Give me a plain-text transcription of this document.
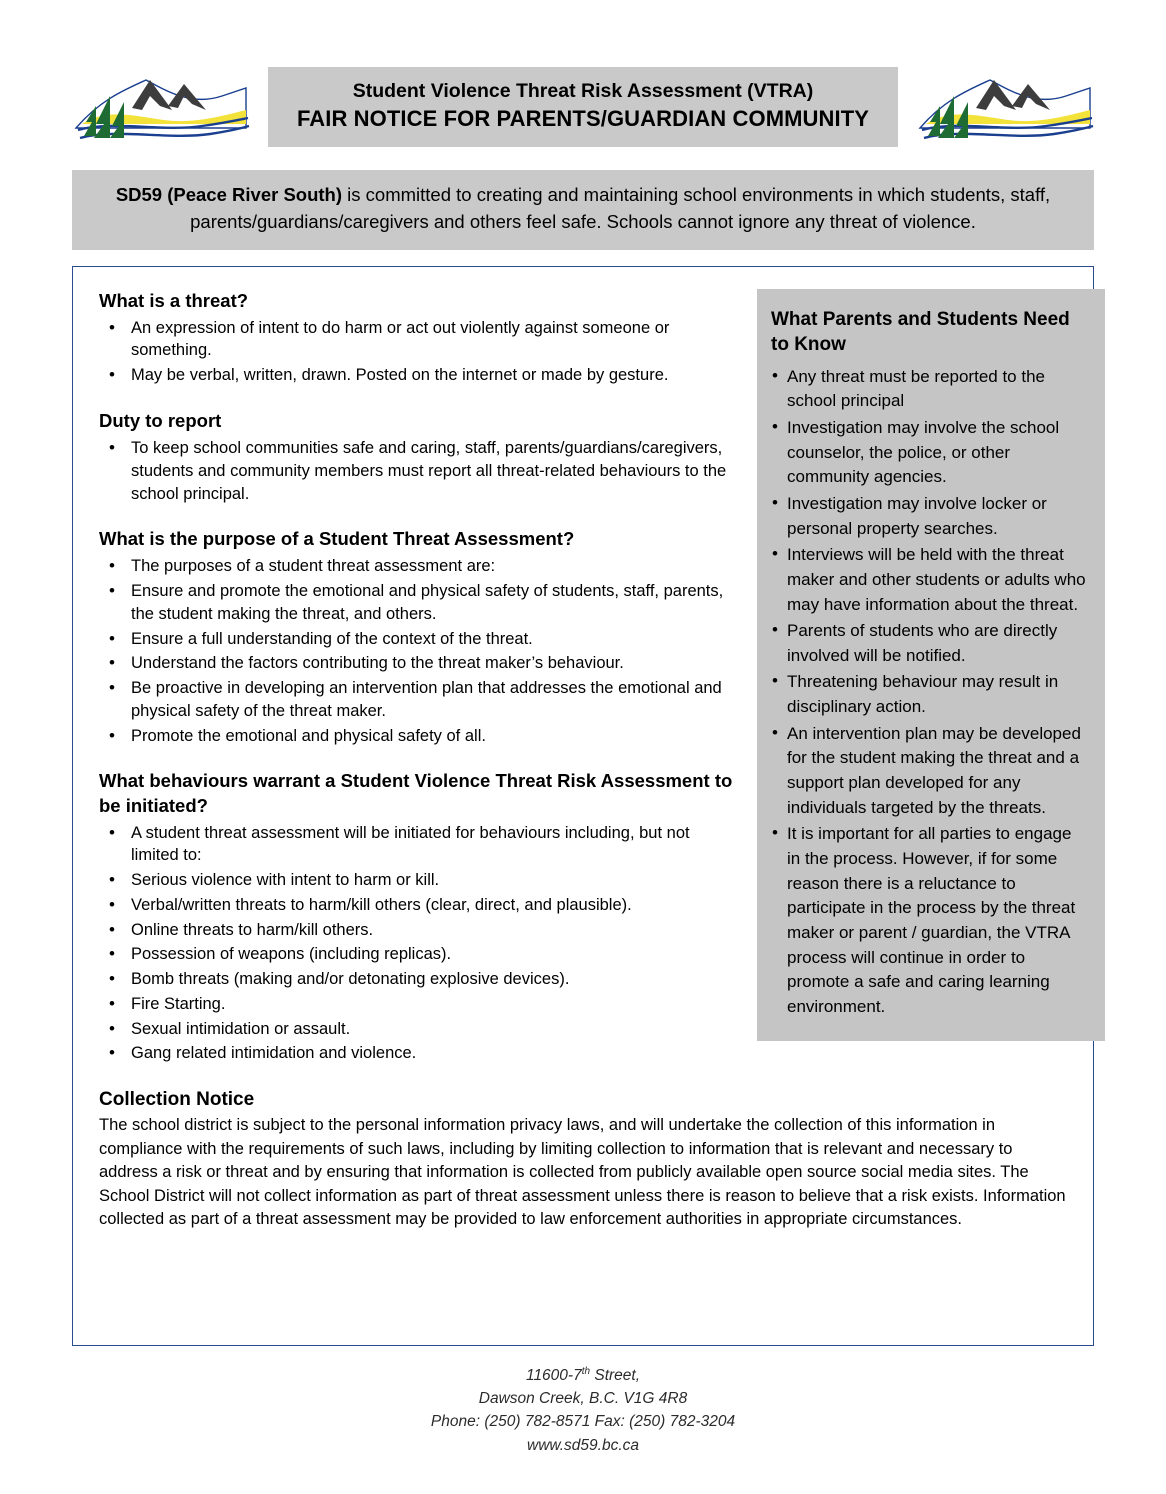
Student Violence Threat Risk Assessment (VTRA)
FAIR NOTICE FOR PARENTS/GUARDIAN COMMUNITY
SD59 (Peace River South) is committed to creating and maintaining school environments in which students, staff, parents/guardians/caregivers and others feel safe. Schools cannot ignore any threat of violence.
What is a threat?
• An expression of intent to do harm or act out violently against someone or something.
• May be verbal, written, drawn. Posted on the internet or made by gesture.
Duty to report
• To keep school communities safe and caring, staff, parents/guardians/caregivers, students and community members must report all threat-related behaviours to the school principal.
What is the purpose of a Student Threat Assessment?
• The purposes of a student threat assessment are:
• Ensure and promote the emotional and physical safety of students, staff, parents, the student making the threat, and others.
• Ensure a full understanding of the context of the threat.
• Understand the factors contributing to the threat maker’s behaviour.
• Be proactive in developing an intervention plan that addresses the emotional and physical safety of the threat maker.
• Promote the emotional and physical safety of all.
What behaviours warrant a Student Violence Threat Risk Assessment to be initiated?
• A student threat assessment will be initiated for behaviours including, but not limited to:
• Serious violence with intent to harm or kill.
• Verbal/written threats to harm/kill others (clear, direct, and plausible).
• Online threats to harm/kill others.
• Possession of weapons (including replicas).
• Bomb threats (making and/or detonating explosive devices).
• Fire Starting.
• Sexual intimidation or assault.
• Gang related intimidation and violence.
What Parents and Students Need to Know
• Any threat must be reported to the school principal
• Investigation may involve the school counselor, the police, or other community agencies.
• Investigation may involve locker or personal property searches.
• Interviews will be held with the threat maker and other students or adults who may have information about the threat.
• Parents of students who are directly involved will be notified.
• Threatening behaviour may result in disciplinary action.
• An intervention plan may be developed for the student making the threat and a support plan developed for any individuals targeted by the threats.
• It is important for all parties to engage in the process. However, if for some reason there is a reluctance to participate in the process by the threat maker or parent / guardian, the VTRA process will continue in order to promote a safe and caring learning environment.
Collection Notice

The school district is subject to the personal information privacy laws, and will undertake the collection of this information in compliance with the requirements of such laws, including by limiting collection to information that is relevant and necessary to address a risk or threat and by ensuring that information is collected from publicly available open source social media sites. The School District will not collect information as part of threat assessment unless there is reason to believe that a risk exists. Information collected as part of a threat assessment may be provided to law enforcement authorities in appropriate circumstances.

11600-7th Street,
Dawson Creek, B.C. V1G 4R8
Phone: (250) 782-8571 Fax: (250) 782-3204
www.sd59.bc.ca
